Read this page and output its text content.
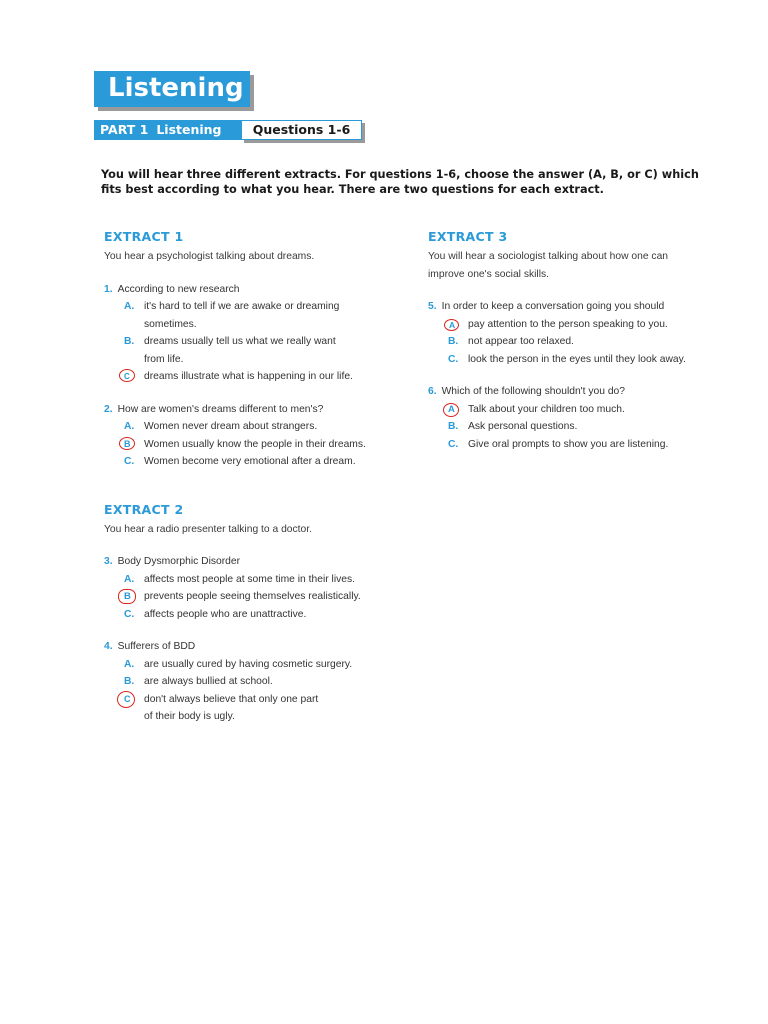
Listening
PART 1 Listening	Questions 1-6
You will hear three different extracts. For questions 1-6, choose the answer (A, B, or C) which fits best according to what you hear. There are two questions for each extract.
EXTRACT 1
You hear a psychologist talking about dreams.
1. According to new research
A. it's hard to tell if we are awake or dreaming
sometimes.
B. dreams usually tell us what we really want
from life.
C	dreams illustrate what is happening in our life.
2. How are women's dreams different to men's?
A. Women never dream about strangers.
B	Women usually know the people in their dreams.
C. Women become very emotional after a dream.
EXTRACT 2
You hear a radio presenter talking to a doctor.
3. Body Dysmorphic Disorder
A. affects most people at some time in their lives.
B	prevents people seeing themselves realistically.
C. affects people who are unattractive.
4. Sufferers of BDD
A. are usually cured by having cosmetic surgery.
B. are always bullied at school.
C	don't always believe that only one part
of their body is ugly.
EXTRACT 3
You will hear a sociologist talking about how one can
improve one's social skills.
5. In order to keep a conversation going you should
A	pay attention to the person speaking to you.
B. not appear too relaxed.
C. look the person in the eyes until they look away.
6. Which of the following shouldn't you do?
A	Talk about your children too much.
B. Ask personal questions.
C. Give oral prompts to show you are listening.
